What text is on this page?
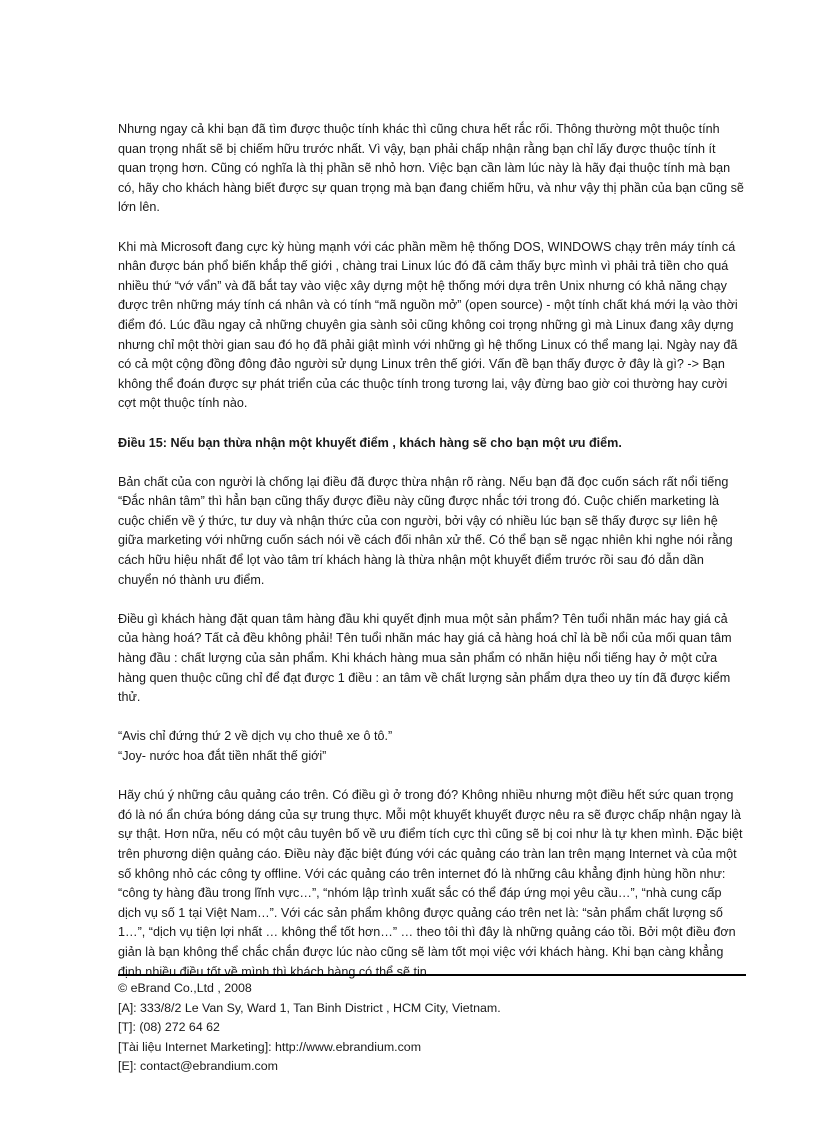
Nhưng ngay cả khi bạn đã tìm được thuộc tính khác thì cũng chưa hết rắc rối. Thông thường một thuộc tính quan trọng nhất sẽ bị chiếm hữu trước nhất. Vì vậy, bạn phải chấp nhận rằng bạn chỉ lấy được thuộc tính ít quan trọng hơn. Cũng có nghĩa là thị phần sẽ nhỏ hơn. Việc bạn cần làm lúc này là hãy đại thuộc tính mà bạn có, hãy cho khách hàng biết được sự quan trọng mà bạn đang chiếm hữu, và như vậy thị phần của bạn cũng sẽ lớn lên.

Khi mà Microsoft đang cực kỳ hùng mạnh với các phần mềm hệ thống DOS, WINDOWS chạy trên máy tính cá nhân được bán phổ biến khắp thế giới , chàng trai Linux lúc đó đã cảm thấy bực mình vì phải trả tiền cho quá nhiều thứ “vớ vẩn” và đã bắt tay vào việc xây dựng một hệ thống mới dựa trên Unix nhưng có khả năng chạy được trên những máy tính cá nhân và có tính “mã nguồn mở” (open source) - một tính chất khá mới lạ vào thời điểm đó. Lúc đầu ngay cả những chuyên gia sành sỏi cũng không coi trọng những gì mà Linux đang xây dựng nhưng chỉ một thời gian sau đó họ đã phải giật mình với những gì hệ thống Linux có thể mang lại. Ngày nay đã có cả một cộng đồng đông đảo người sử dụng Linux trên thế giới. Vấn đề bạn thấy được ở đây là gì? -> Bạn không thể đoán được sự phát triển của các thuộc tính trong tương lai, vậy đừng bao giờ coi thường hay cười cợt một thuộc tính nào.

Điều 15: Nếu bạn thừa nhận một khuyết điểm , khách hàng sẽ cho bạn một ưu điểm.

Bản chất của con người là chống lại điều đã được thừa nhận rõ ràng. Nếu bạn đã đọc cuốn sách rất nổi tiếng “Đắc nhân tâm” thì hẳn bạn cũng thấy được điều này cũng được nhắc tới trong đó. Cuộc chiến marketing là cuộc chiến về ý thức, tư duy và nhận thức của con người, bởi vậy có nhiều lúc bạn sẽ thấy được sự liên hệ giữa marketing với những cuốn sách nói về cách đối nhân xử thế. Có thể bạn sẽ ngạc nhiên khi nghe nói rằng cách hữu hiệu nhất để lọt vào tâm trí khách hàng là thừa nhận một khuyết điểm trước rồi sau đó dẫn dần chuyển nó thành ưu điểm.

Điều gì khách hàng đặt quan tâm hàng đầu khi quyết định mua một sản phẩm? Tên tuổi nhãn mác hay giá cả của hàng hoá? Tất cả đều không phải! Tên tuổi nhãn mác hay giá cả hàng hoá chỉ là bề nổi của mối quan tâm hàng đầu : chất lượng của sản phẩm. Khi khách hàng mua sản phẩm có nhãn hiệu nổi tiếng hay ở một cửa hàng quen thuộc cũng chỉ để đạt được 1 điều : an tâm về chất lượng sản phẩm dựa theo uy tín đã được kiểm thử.

“Avis chỉ đứng thứ 2 về dịch vụ cho thuê xe ô tô.”

“Joy- nước hoa đắt tiền nhất thế giới”

Hãy chú ý những câu quảng cáo trên. Có điều gì ở trong đó? Không nhiều nhưng một điều hết sức quan trọng đó là nó ẩn chứa bóng dáng của sự trung thực. Mỗi một khuyết khuyết được nêu ra sẽ được chấp nhận ngay là sự thật. Hơn nữa, nếu có một câu tuyên bố về ưu điểm tích cực thì cũng sẽ bị coi như là tự khen mình. Đặc biệt trên phương diện quảng cáo. Điều này đặc biệt đúng với các quảng cáo tràn lan trên mạng Internet và của một số không nhỏ các công ty offline. Với các quảng cáo trên internet đó là những câu khẳng định hùng hồn như: “công ty hàng đầu trong lĩnh vực…”, “nhóm lập trình xuất sắc có thể đáp ứng mọi yêu cầu…”, “nhà cung cấp dịch vụ số 1 tại Việt Nam…”. Với các sản phẩm không được quảng cáo trên net là: “sản phẩm chất lượng số 1…”, “dịch vụ tiện lợi nhất … không thể tốt hơn…” … theo tôi thì đây là những quảng cáo tồi. Bởi một điều đơn giản là bạn không thể chắc chắn được lúc nào cũng sẽ làm tốt mọi việc với khách hàng. Khi bạn càng khẳng định nhiều điều tốt về mình thì khách hàng có thể sẽ tin

© eBrand Co.,Ltd , 2008
[A]: 333/8/2 Le Van Sy, Ward 1, Tan Binh District , HCM City, Vietnam.
[T]: (08) 272 64 62
[Tài liệu Internet Marketing]: http://www.ebrandium.com
[E]: contact@ebrandium.com
